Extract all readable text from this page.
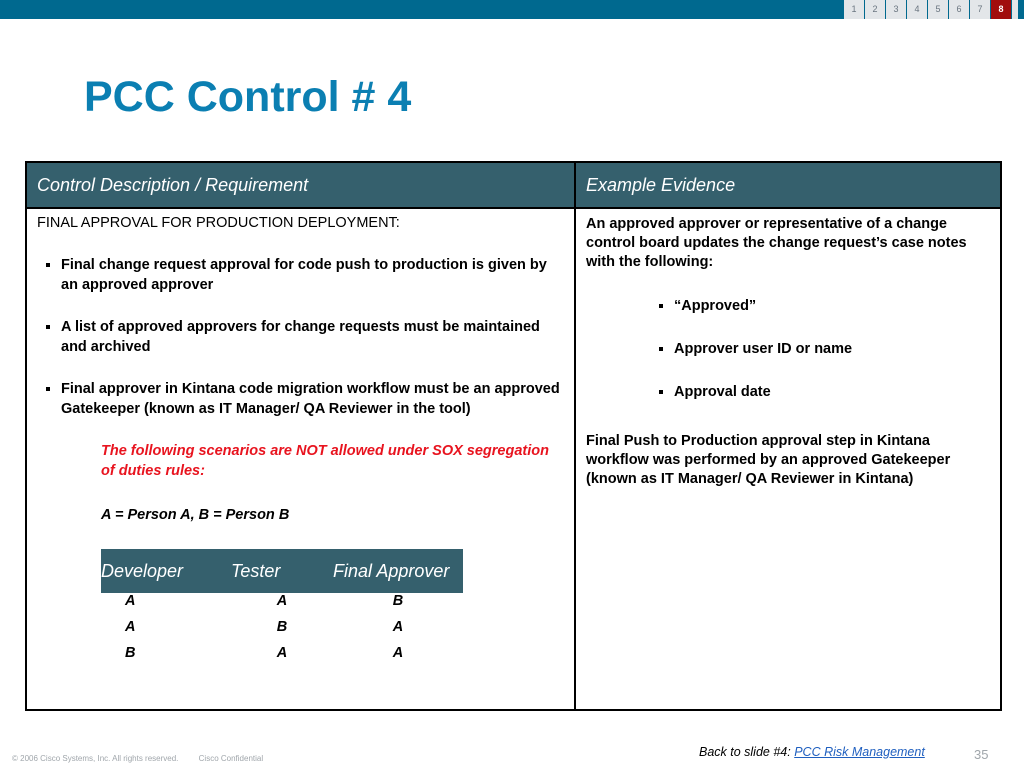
1	2	3	4	5	6	7	8
PCC Control # 4
Control Description / Requirement	Example Evidence

FINAL APPROVAL FOR PRODUCTION DEPLOYMENT:

▪ Final change request approval for code push to production is given by an approved approver
▪ A list of approved approvers for change requests must be maintained and archived
▪ Final approver in Kintana code migration workflow must be an approved Gatekeeper (known as IT Manager/ QA Reviewer in the tool)

The following scenarios are NOT allowed under SOX segregation of duties rules:

A = Person A, B = Person B

Developer	Tester	Final Approver
A	A	B
A	B	A
B	A	A

An approved approver or representative of a change control board updates the change request’s case notes with the following:

▪ “Approved”
▪ Approver user ID or name
▪ Approval date

Final Push to Production approval step in Kintana workflow was performed by an approved Gatekeeper (known as IT Manager/ QA Reviewer in Kintana)

Back to slide #4: PCC Risk Management
© 2006 Cisco Systems, Inc. All rights reserved.	Cisco Confidential	35
